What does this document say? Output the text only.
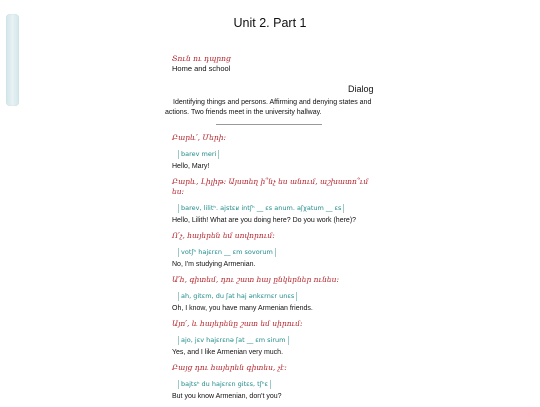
Unit 2. Part 1
Տուն ու դպրոց
Home and school
Dialog
Identifying things and persons. Affirming and denying states and actions. Two friends meet in the university hallway.
Բարև՛, Մերի։
barev meri
Hello, Mary!
Բարև, Լիլիթ։ Այստեղ ի՞նչ ես անում, աշխատո՞ւմ ես։
barev, lilitʰ. ajstɛʁ intʃʰ __ ɛs anum. aʃχatum __ ɛs
Hello, Lilith! What are you doing here? Do you work (here)?
Ո՛չ, հայերեն եմ սովորում։
votʃʰ hajɛrɛn __ ɛm sovorum
No, I'm studying Armenian.
Ա՛հ, գիտեմ, դու շատ հայ ընկերներ ունես։
ah, gitɛm, du ʃat haj ənkɛrnɛr unɛs
Oh, I know, you have many Armenian friends.
Այո՛, և հայերենը շատ եմ սիրում։
ajo, jɛv hajɛrɛnə ʃat __ ɛm sirum
Yes, and I like Armenian very much.
Բայց դու հայերեն գիտես, չէ։
bajtsʰ du hajɛrɛn gitɛs, tʃʰɛ
But you know Armenian, don't you?
